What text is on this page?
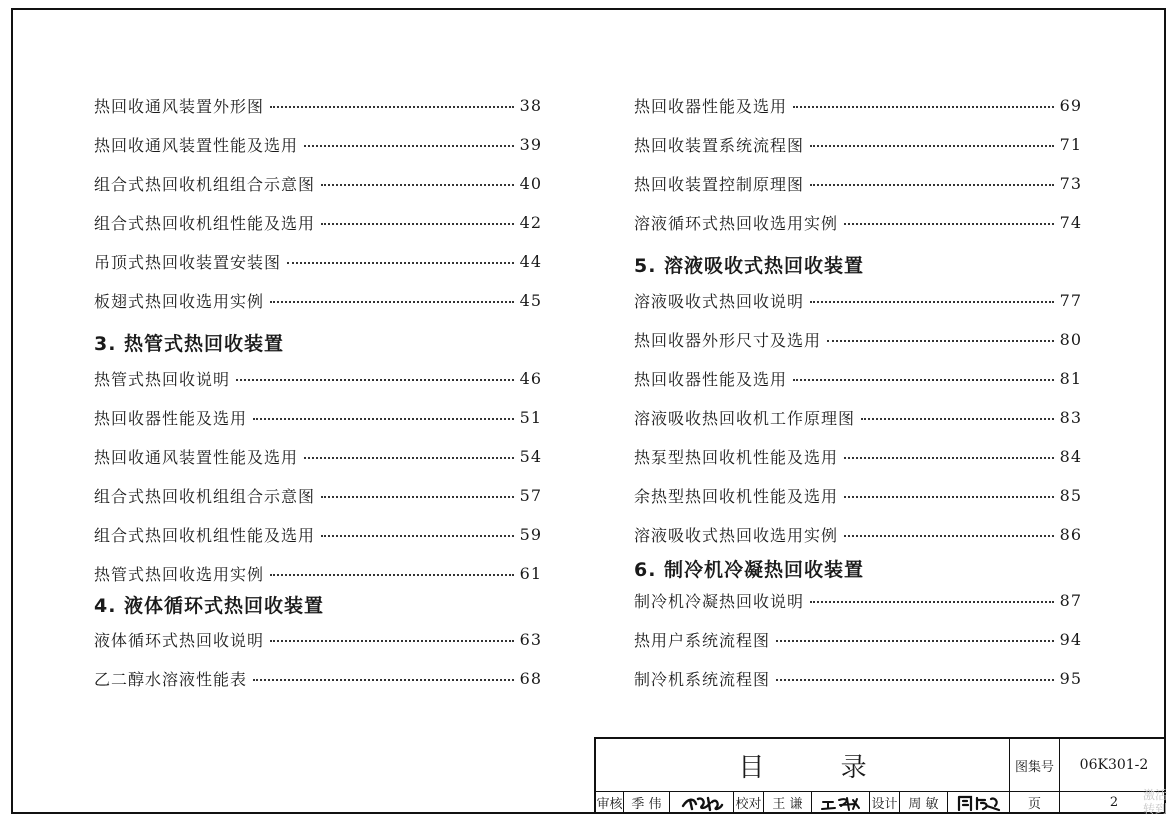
热回收通风装置外形图	38
热回收通风装置性能及选用	39
组合式热回收机组组合示意图	40
组合式热回收机组性能及选用	42
吊顶式热回收装置安装图	44
板翅式热回收选用实例	45
3. 热管式热回收装置
热管式热回收说明	46
热回收器性能及选用	51
热回收通风装置性能及选用	54
组合式热回收机组组合示意图	57
组合式热回收机组性能及选用	59
热管式热回收选用实例	61
4. 液体循环式热回收装置
液体循环式热回收说明	63
乙二醇水溶液性能表	68
热回收器性能及选用	69
热回收装置系统流程图	71
热回收装置控制原理图	73
溶液循环式热回收选用实例	74
5. 溶液吸收式热回收装置
溶液吸收式热回收说明	77
热回收器外形尺寸及选用	80
热回收器性能及选用	81
溶液吸收热回收机工作原理图	83
热泵型热回收机性能及选用	84
余热型热回收机性能及选用	85
溶液吸收式热回收选用实例	86
6. 制冷机冷凝热回收装置
制冷机冷凝热回收说明	87
热用户系统流程图	94
制冷机系统流程图	95
目 录	图集号 06K301-2
审核 季 伟	校对 王 谦	设计 周 敏	页	2 激活
转到
